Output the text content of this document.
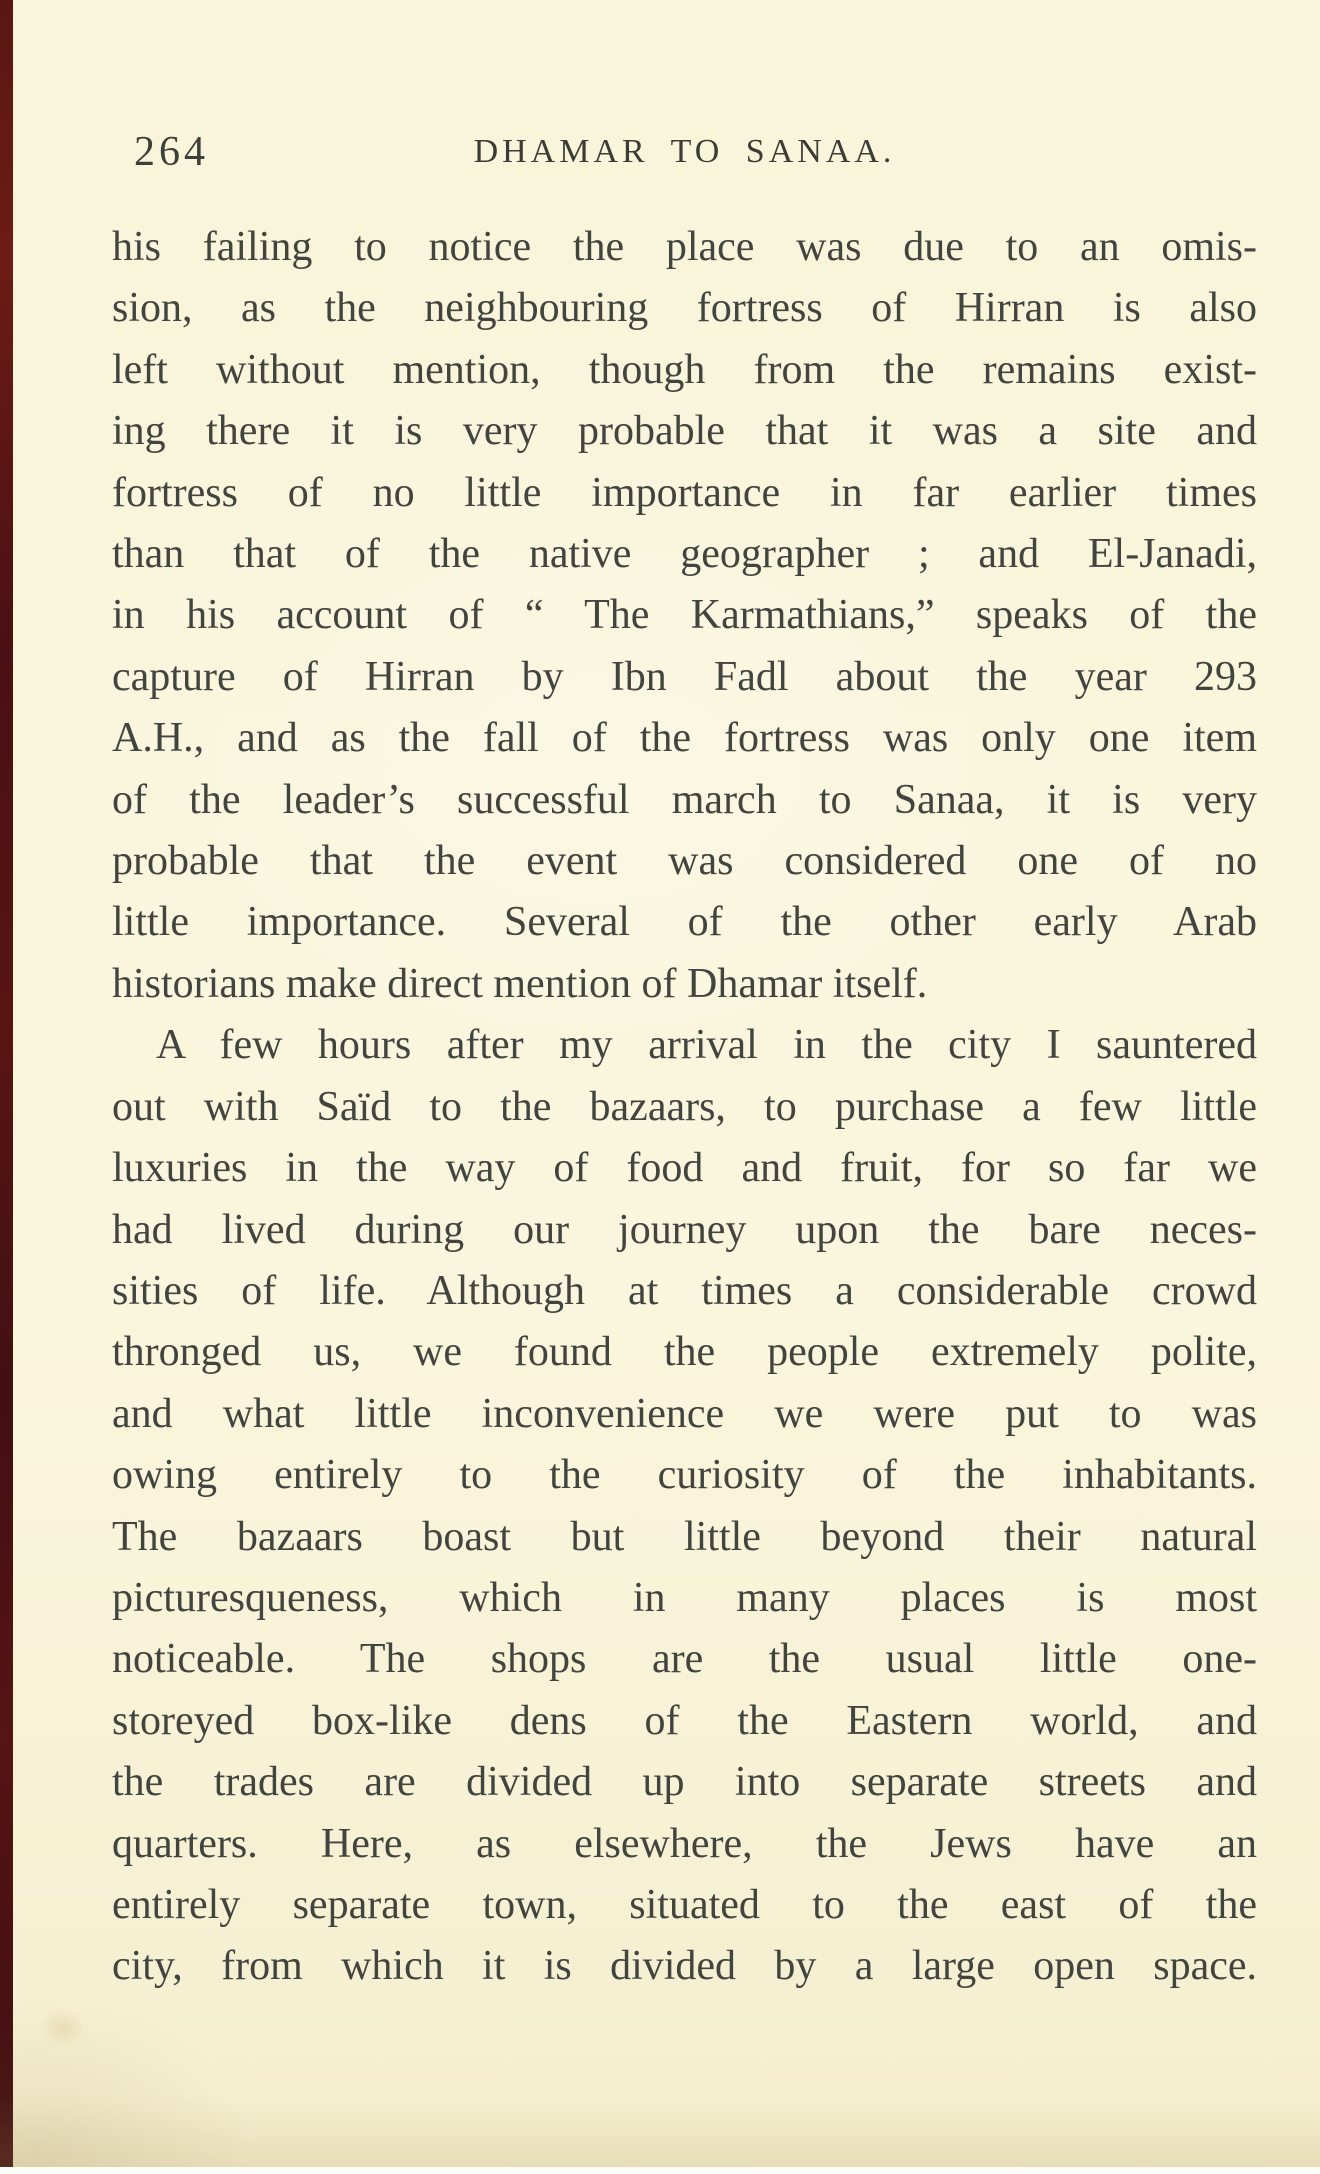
264	DHAMAR TO SANAA.
his failing to notice the place was due to an omis-
sion, as the neighbouring fortress of Hirran is also
left without mention, though from the remains exist-
ing there it is very probable that it was a site and
fortress of no little importance in far earlier times
than that of the native geographer ; and El-Janadi,
in his account of “ The Karmathians,” speaks of the
capture of Hirran by Ibn Fadl about the year 293
A.H., and as the fall of the fortress was only one item
of the leader’s successful march to Sanaa, it is very
probable that the event was considered one of no
little importance. Several of the other early Arab
historians make direct mention of Dhamar itself.
A few hours after my arrival in the city I sauntered
out with Saïd to the bazaars, to purchase a few little
luxuries in the way of food and fruit, for so far we
had lived during our journey upon the bare neces-
sities of life. Although at times a considerable crowd
thronged us, we found the people extremely polite,
and what little inconvenience we were put to was
owing entirely to the curiosity of the inhabitants.
The bazaars boast but little beyond their natural
picturesqueness, which in many places is most
noticeable. The shops are the usual little one-
storeyed box-like dens of the Eastern world, and
the trades are divided up into separate streets and
quarters. Here, as elsewhere, the Jews have an
entirely separate town, situated to the east of the
city, from which it is divided by a large open space.
